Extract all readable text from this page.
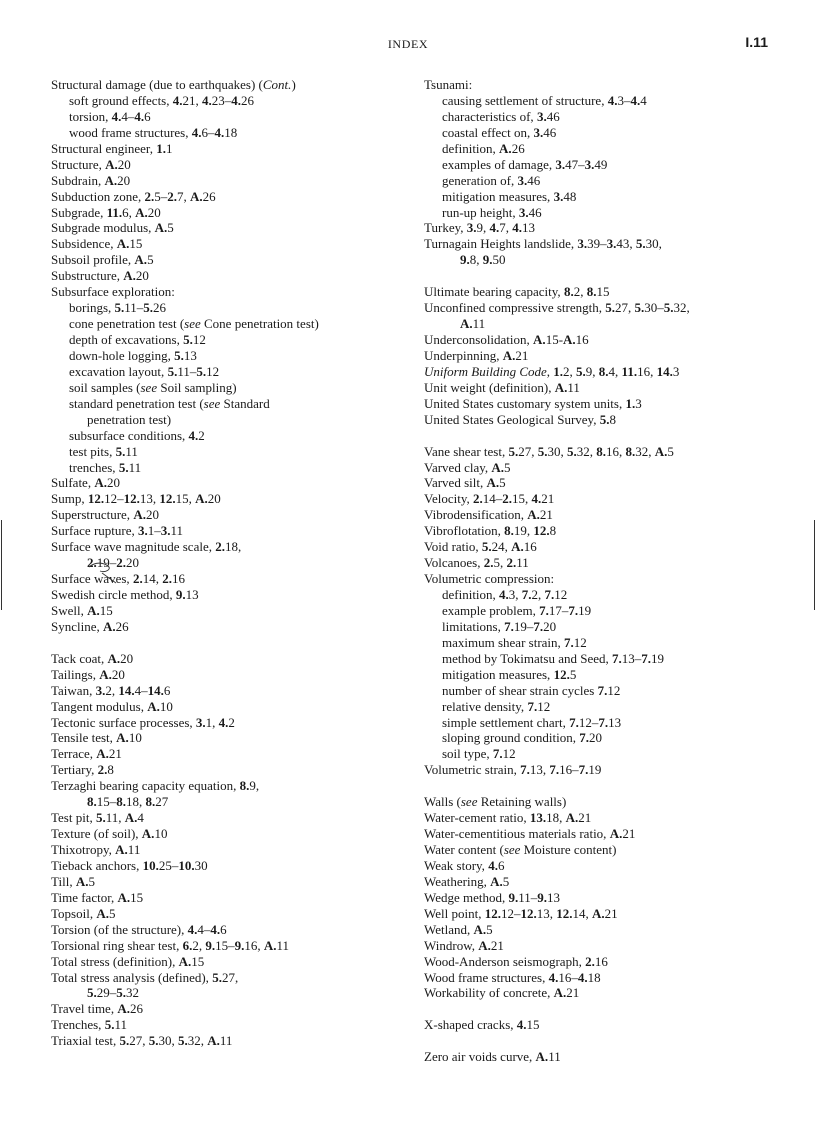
INDEX	I.11
Structural damage (due to earthquakes) (Cont.)
soft ground effects, 4.21, 4.23–4.26
torsion, 4.4–4.6
wood frame structures, 4.6–4.18
Structural engineer, 1.1
Structure, A.20
Subdrain, A.20
Subduction zone, 2.5–2.7, A.26
Subgrade, 11.6, A.20
Subgrade modulus, A.5
Subsidence, A.15
Subsoil profile, A.5
Substructure, A.20
Subsurface exploration:
borings, 5.11–5.26
cone penetration test (see Cone penetration test)
depth of excavations, 5.12
down-hole logging, 5.13
excavation layout, 5.11–5.12
soil samples (see Soil sampling)
standard penetration test (see Standard
penetration test)
subsurface conditions, 4.2
test pits, 5.11
trenches, 5.11
Sulfate, A.20
Sump, 12.12–12.13, 12.15, A.20
Superstructure, A.20
Surface rupture, 3.1–3.11
Surface wave magnitude scale, 2.18,
2.19–2.20
Surface waves, 2.14, 2.16
Swedish circle method, 9.13
Swell, A.15
Syncline, A.26
Tack coat, A.20
Tailings, A.20
Taiwan, 3.2, 14.4–14.6
Tangent modulus, A.10
Tectonic surface processes, 3.1, 4.2
Tensile test, A.10
Terrace, A.21
Tertiary, 2.8
Terzaghi bearing capacity equation, 8.9,
8.15–8.18, 8.27
Test pit, 5.11, A.4
Texture (of soil), A.10
Thixotropy, A.11
Tieback anchors, 10.25–10.30
Till, A.5
Time factor, A.15
Topsoil, A.5
Torsion (of the structure), 4.4–4.6
Torsional ring shear test, 6.2, 9.15–9.16, A.11
Total stress (definition), A.15
Total stress analysis (defined), 5.27,
5.29–5.32
Travel time, A.26
Trenches, 5.11
Triaxial test, 5.27, 5.30, 5.32, A.11
Tsunami:
causing settlement of structure, 4.3–4.4
characteristics of, 3.46
coastal effect on, 3.46
definition, A.26
examples of damage, 3.47–3.49
generation of, 3.46
mitigation measures, 3.48
run-up height, 3.46
Turkey, 3.9, 4.7, 4.13
Turnagain Heights landslide, 3.39–3.43, 5.30,
9.8, 9.50
Ultimate bearing capacity, 8.2, 8.15
Unconfined compressive strength, 5.27, 5.30–5.32,
A.11
Underconsolidation, A.15-A.16
Underpinning, A.21
Uniform Building Code, 1.2, 5.9, 8.4, 11.16, 14.3
Unit weight (definition), A.11
United States customary system units, 1.3
United States Geological Survey, 5.8
Vane shear test, 5.27, 5.30, 5.32, 8.16, 8.32, A.5
Varved clay, A.5
Varved silt, A.5
Velocity, 2.14–2.15, 4.21
Vibrodensification, A.21
Vibroflotation, 8.19, 12.8
Void ratio, 5.24, A.16
Volcanoes, 2.5, 2.11
Volumetric compression:
definition, 4.3, 7.2, 7.12
example problem, 7.17–7.19
limitations, 7.19–7.20
maximum shear strain, 7.12
method by Tokimatsu and Seed, 7.13–7.19
mitigation measures, 12.5
number of shear strain cycles 7.12
relative density, 7.12
simple settlement chart, 7.12–7.13
sloping ground condition, 7.20
soil type, 7.12
Volumetric strain, 7.13, 7.16–7.19
Walls (see Retaining walls)
Water-cement ratio, 13.18, A.21
Water-cementitious materials ratio, A.21
Water content (see Moisture content)
Weak story, 4.6
Weathering, A.5
Wedge method, 9.11–9.13
Well point, 12.12–12.13, 12.14, A.21
Wetland, A.5
Windrow, A.21
Wood-Anderson seismograph, 2.16
Wood frame structures, 4.16–4.18
Workability of concrete, A.21
X-shaped cracks, 4.15
Zero air voids curve, A.11
